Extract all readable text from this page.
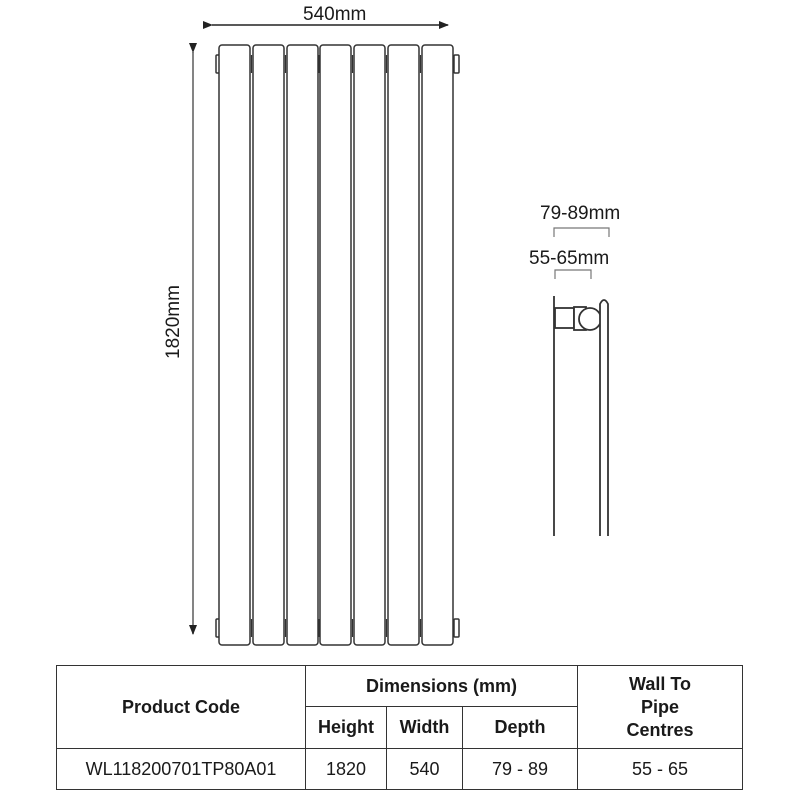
540mm
1820mm
79-89mm
55-65mm
Product Code	Dimensions (mm)			Wall To Pipe Centres
	Height	Width	Depth	
WL118200701TP80A01	1820	540	79 - 89	55 - 65
